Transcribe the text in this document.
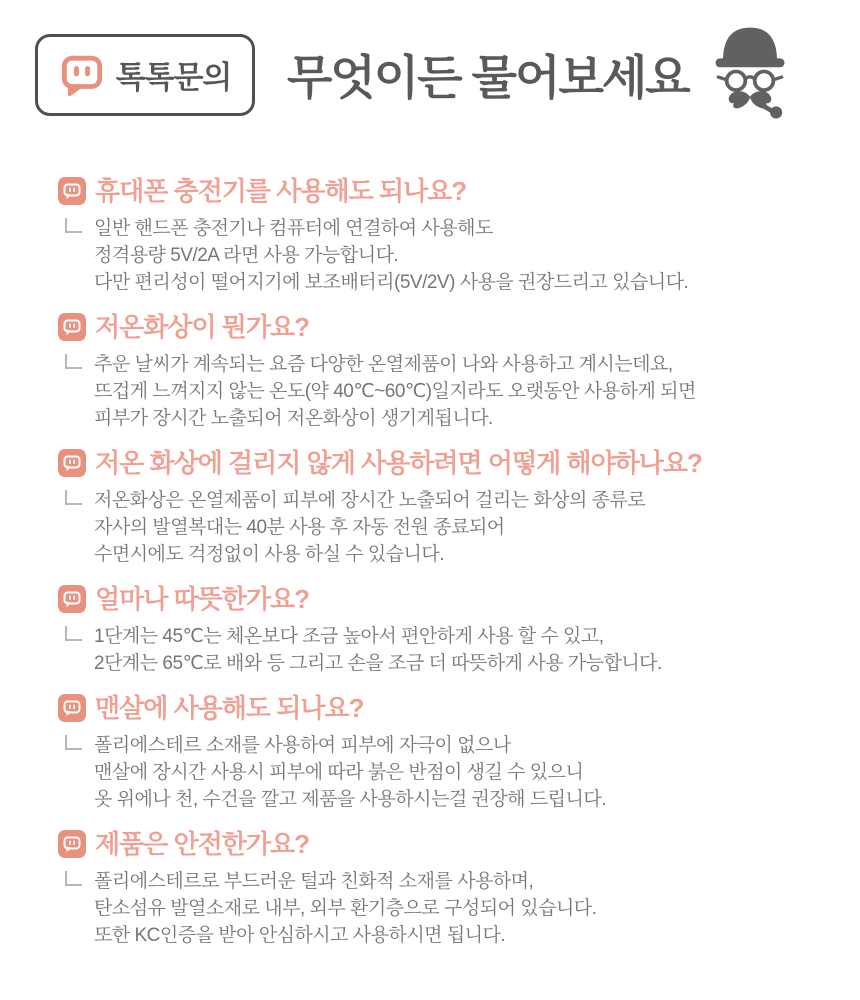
톡톡문의 무엇이든 물어보세요
휴대폰 충전기를 사용해도 되나요?
일반 핸드폰 충전기나 컴퓨터에 연결하여 사용해도
정격용량 5V/2A 라면 사용 가능합니다.
다만 편리성이 떨어지기에 보조배터리(5V/2V) 사용을 권장드리고 있습니다.
저온화상이 뭔가요?
추운 날씨가 계속되는 요즘 다양한 온열제품이 나와 사용하고 계시는데요,
뜨겁게 느껴지지 않는 온도(약 40℃~60℃)일지라도 오랫동안 사용하게 되면
피부가 장시간 노출되어 저온화상이 생기게됩니다.
저온 화상에 걸리지 않게 사용하려면 어떻게 해야하나요?
저온화상은 온열제품이 피부에 장시간 노출되어 걸리는 화상의 종류로
자사의 발열복대는 40분 사용 후 자동 전원 종료되어
수면시에도 걱정없이 사용 하실 수 있습니다.
얼마나 따뜻한가요?
1단계는 45℃는 체온보다 조금 높아서 편안하게 사용 할 수 있고,
2단계는 65℃로 배와 등 그리고 손을 조금 더 따뜻하게 사용 가능합니다.
맨살에 사용해도 되나요?
폴리에스테르 소재를 사용하여 피부에 자극이 없으나
맨살에 장시간 사용시 피부에 따라 붉은 반점이 생길 수 있으니
옷 위에나 천, 수건을 깔고 제품을 사용하시는걸 권장해 드립니다.
제품은 안전한가요?
폴리에스테르로 부드러운 털과 친화적 소재를 사용하며,
탄소섬유 발열소재로 내부, 외부 환기층으로 구성되어 있습니다.
또한 KC인증을 받아 안심하시고 사용하시면 됩니다.
